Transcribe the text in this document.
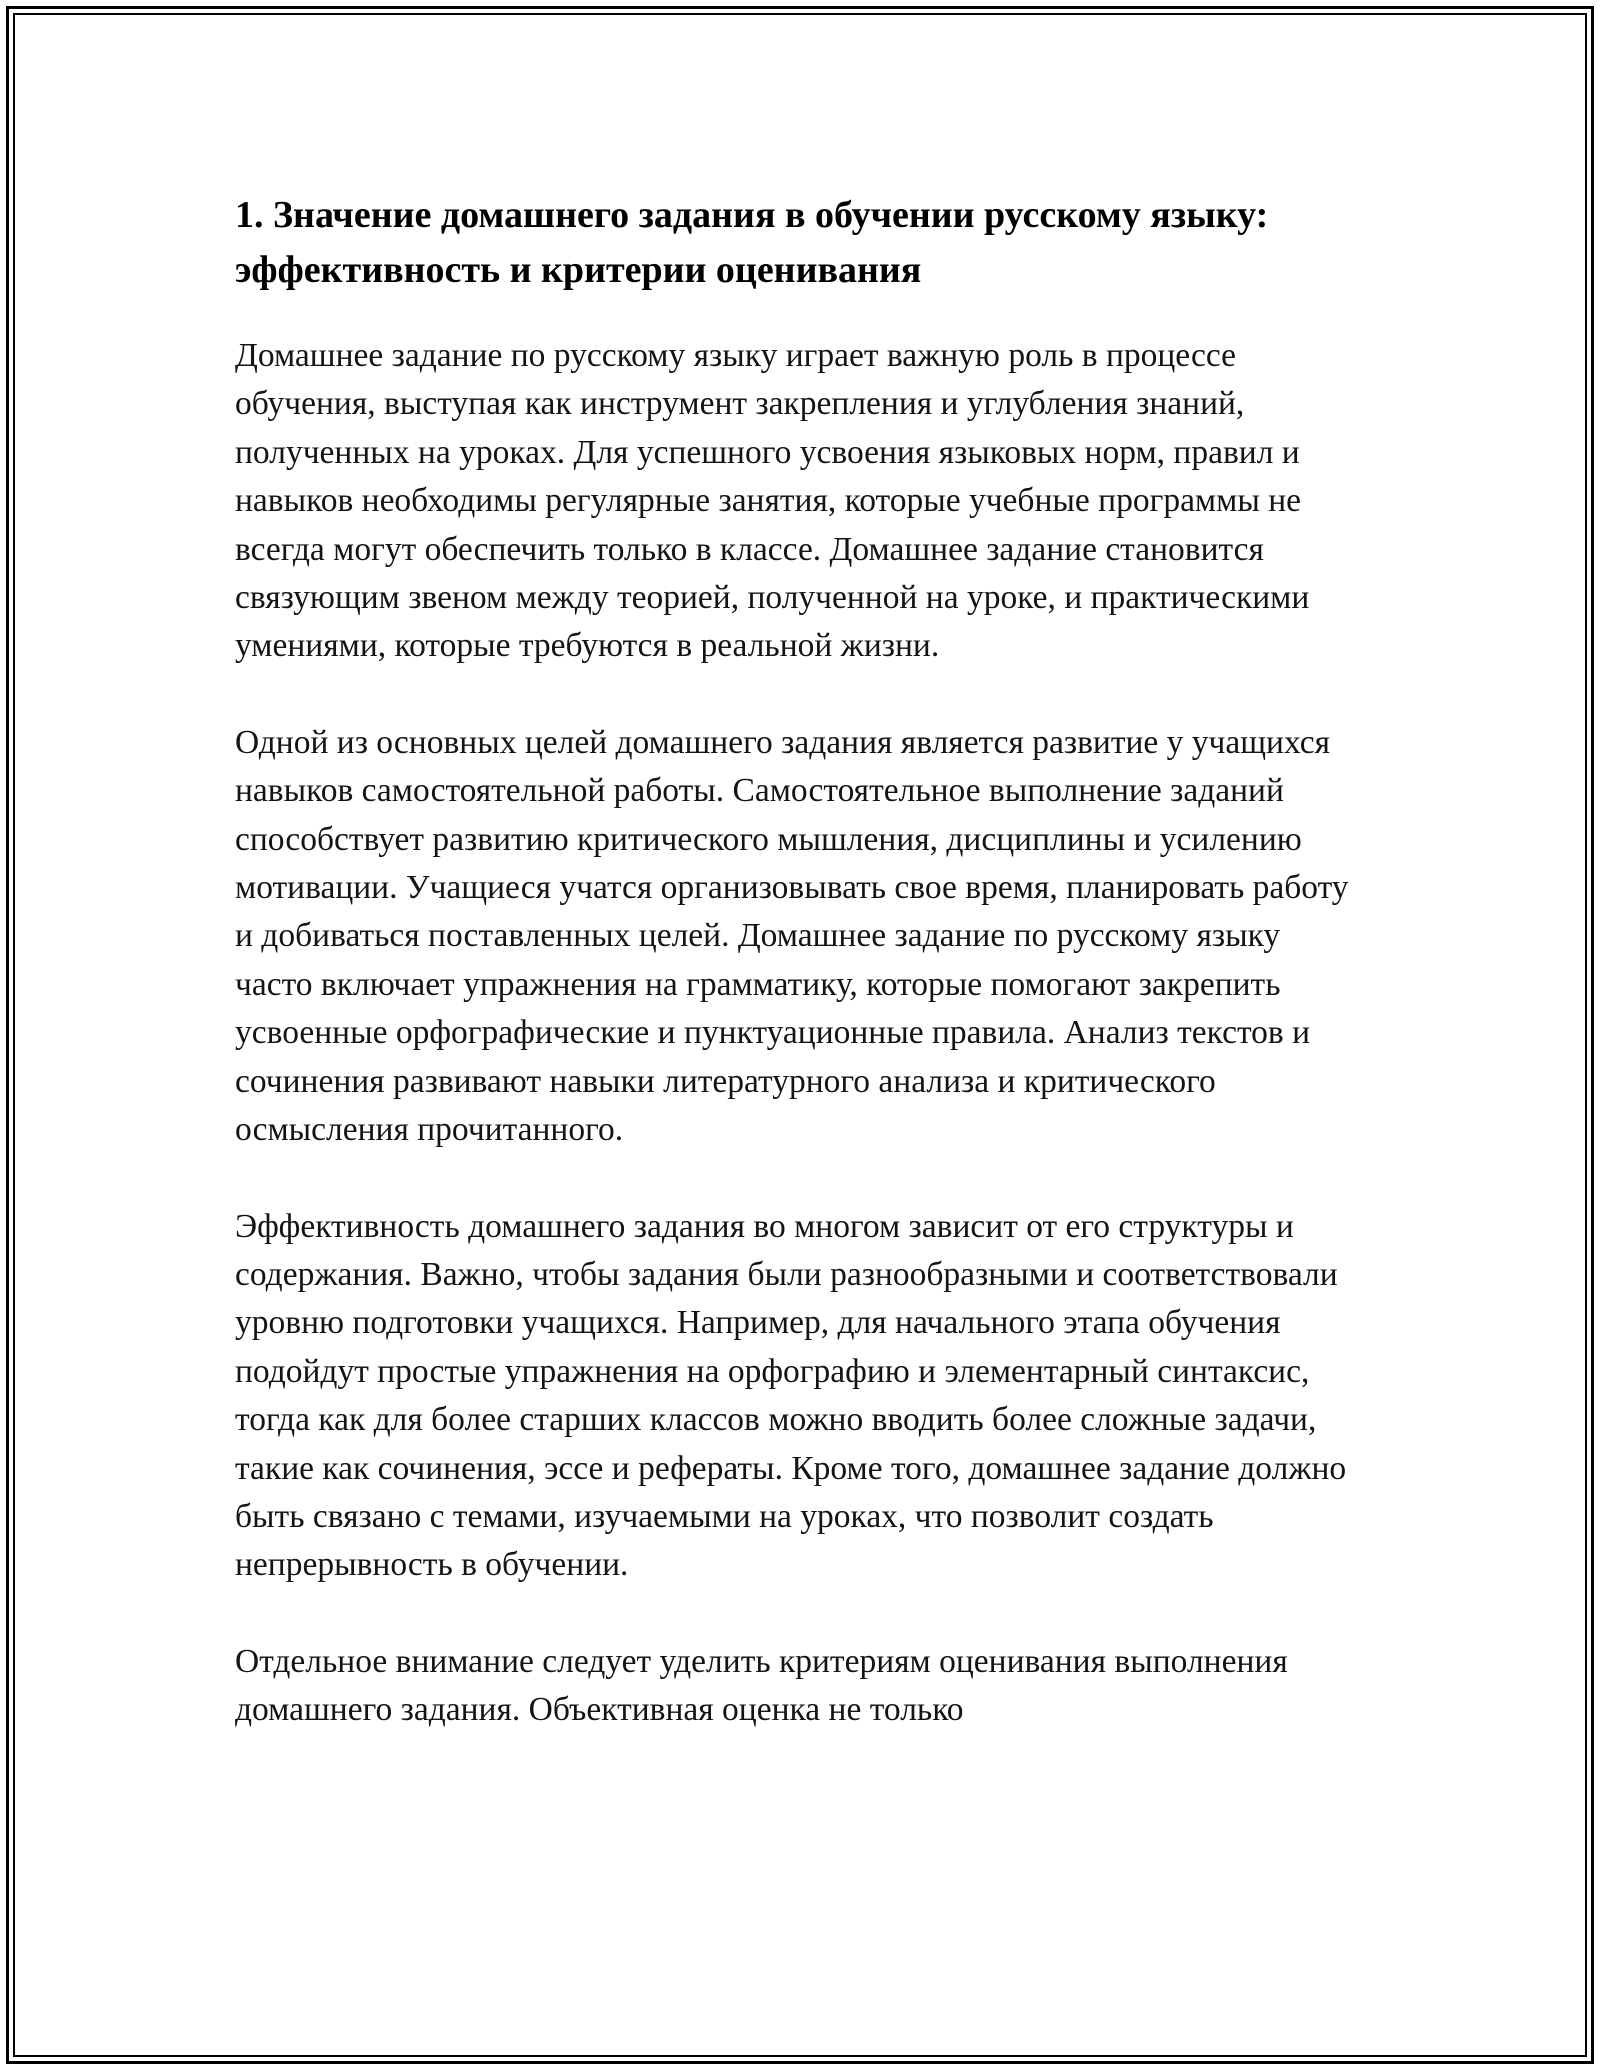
1. Значение домашнего задания в обучении русскому языку: эффективность и критерии оценивания

Домашнее задание по русскому языку играет важную роль в процессе обучения, выступая как инструмент закрепления и углубления знаний, полученных на уроках. Для успешного усвоения языковых норм, правил и навыков необходимы регулярные занятия, которые учебные программы не всегда могут обеспечить только в классе. Домашнее задание становится связующим звеном между теорией, полученной на уроке, и практическими умениями, которые требуются в реальной жизни.

Одной из основных целей домашнего задания является развитие у учащихся навыков самостоятельной работы. Самостоятельное выполнение заданий способствует развитию критического мышления, дисциплины и усилению мотивации. Учащиеся учатся организовывать свое время, планировать работу и добиваться поставленных целей. Домашнее задание по русскому языку часто включает упражнения на грамматику, которые помогают закрепить усвоенные орфографические и пунктуационные правила. Анализ текстов и сочинения развивают навыки литературного анализа и критического осмысления прочитанного.

Эффективность домашнего задания во многом зависит от его структуры и содержания. Важно, чтобы задания были разнообразными и соответствовали уровню подготовки учащихся. Например, для начального этапа обучения подойдут простые упражнения на орфографию и элементарный синтаксис, тогда как для более старших классов можно вводить более сложные задачи, такие как сочинения, эссе и рефераты. Кроме того, домашнее задание должно быть связано с темами, изучаемыми на уроках, что позволит создать непрерывность в обучении.

Отдельное внимание следует уделить критериям оценивания выполнения домашнего задания. Объективная оценка не только
